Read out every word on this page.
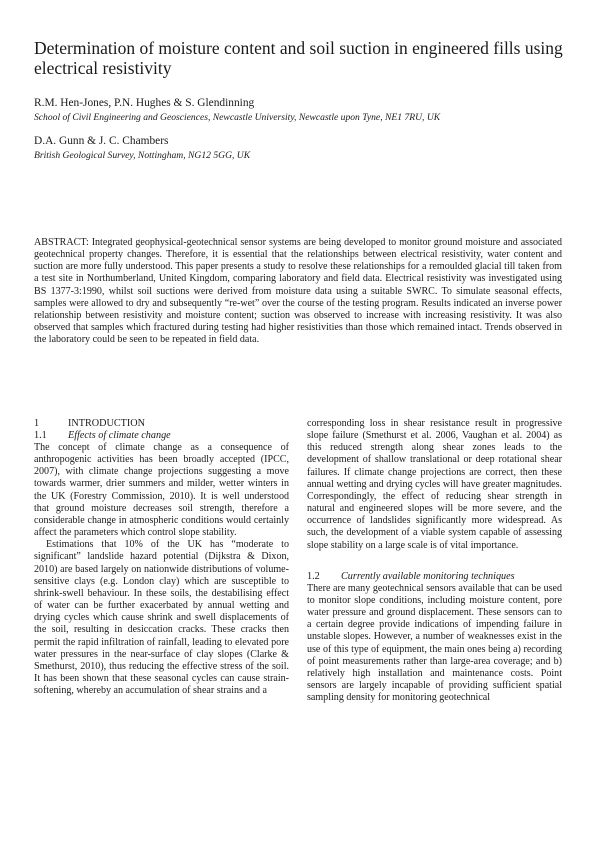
Determination of moisture content and soil suction in engineered fills using electrical resistivity

R.M. Hen-Jones, P.N. Hughes & S. Glendinning

School of Civil Engineering and Geosciences, Newcastle University, Newcastle upon Tyne, NE1 7RU, UK

D.A. Gunn & J. C. Chambers

British Geological Survey, Nottingham, NG12 5GG, UK

ABSTRACT: Integrated geophysical-geotechnical sensor systems are being developed to monitor ground moisture and associated geotechnical property changes. Therefore, it is essential that the relationships between electrical resistivity, water content and suction are more fully understood. This paper presents a study to resolve these relationships for a remoulded glacial till taken from a test site in Northumberland, United Kingdom, comparing laboratory and field data. Electrical resistivity was investigated using BS 1377-3:1990, whilst soil suctions were derived from moisture data using a suitable SWRC. To simulate seasonal effects, samples were allowed to dry and subsequently “re-wet” over the course of the testing program. Results indicated an inverse power relationship between resistivity and moisture content; suction was observed to increase with increasing resistivity. It was also observed that samples which fractured during testing had higher resistivities than those which remained intact. Trends observed in the laboratory could be seen to be repeated in field data.

1	INTRODUCTION

1.1 Effects of climate change

The concept of climate change as a consequence of anthropogenic activities has been broadly accepted (IPCC, 2007), with climate change projections suggesting a move towards warmer, drier summers and milder, wetter winters in the UK (Forestry Commission, 2010). It is well understood that ground moisture decreases soil strength, therefore a considerable change in atmospheric conditions would certainly affect the parameters which control slope stability.

Estimations that 10% of the UK has “moderate to significant” landslide hazard potential (Dijkstra & Dixon, 2010) are based largely on nationwide distributions of volume-sensitive clays (e.g. London clay) which are susceptible to shrink-swell behaviour. In these soils, the destabilising effect of water can be further exacerbated by annual wetting and drying cycles which cause shrink and swell displacements of the soil, resulting in desiccation cracks. These cracks then permit the rapid infiltration of rainfall, leading to elevated pore water pressures in the near-surface of clay slopes (Clarke & Smethurst, 2010), thus reducing the effective stress of the soil. It has been shown that these seasonal cycles can cause strain-softening, whereby an accumulation of shear strains and a

corresponding loss in shear resistance result in progressive slope failure (Smethurst et al. 2006, Vaughan et al. 2004) as this reduced strength along shear zones leads to the development of shallow translational or deep rotational shear failures. If climate change projections are correct, then these annual wetting and drying cycles will have greater magnitudes. Correspondingly, the effect of reducing shear strength in natural and engineered slopes will be more severe, and the occurrence of landslides significantly more widespread. As such, the development of a viable system capable of assessing slope stability on a large scale is of vital importance.

1.2 Currently available monitoring techniques

There are many geotechnical sensors available that can be used to monitor slope conditions, including moisture content, pore water pressure and ground displacement. These sensors can to a certain degree provide indications of impending failure in unstable slopes. However, a number of weaknesses exist in the use of this type of equipment, the main ones being a) recording of point measurements rather than large-area coverage; and b) relatively high installation and maintenance costs. Point sensors are largely incapable of providing sufficient spatial sampling density for monitoring geotechnical
